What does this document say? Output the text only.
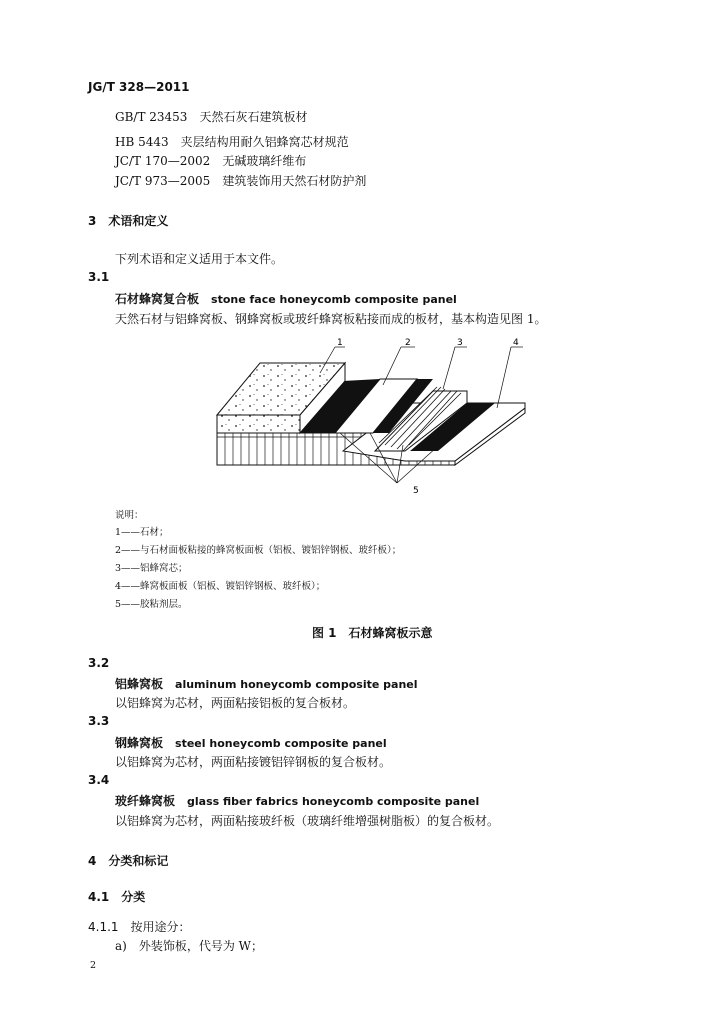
JG/T 328—2011
GB/T 23453　 天然石灰石建筑板材
HB 5443　 夹层结构用耐久铝蜂窝芯材规范
JC/T 170—2002　 无碱玻璃纤维布
JC/T 973—2005　 建筑装饰用天然石材防护剂
3　术语和定义
下列术语和定义适用于本文件。
3.1
石材蜂窝复合板　 stone face honeycomb composite panel
天然石材与铝蜂窝板、钢蜂窝板或玻纤蜂窝板粘接而成的板材，基本构造见图 1。
1	2	3	4
5
说明：
1——石材；
2——与石材面板粘接的蜂窝板面板（铝板、镀铝锌钢板、玻纤板）；
3——铝蜂窝芯；
4——蜂窝板面板（铝板、镀铝锌钢板、玻纤板）；
5——胶粘剂层。
图 1　石材蜂窝板示意
3.2
铝蜂窝板　 aluminum honeycomb composite panel
以铝蜂窝为芯材，两面粘接铝板的复合板材。
3.3
钢蜂窝板　 steel honeycomb composite panel
以铝蜂窝为芯材，两面粘接镀铝锌钢板的复合板材。
3.4
玻纤蜂窝板　 glass fiber fabrics honeycomb composite panel
以铝蜂窝为芯材，两面粘接玻纤板（玻璃纤维增强树脂板）的复合板材。
4　分类和标记
4.1　分类
4.1.1　按用途分：
a)　外装饰板，代号为 W；
2
